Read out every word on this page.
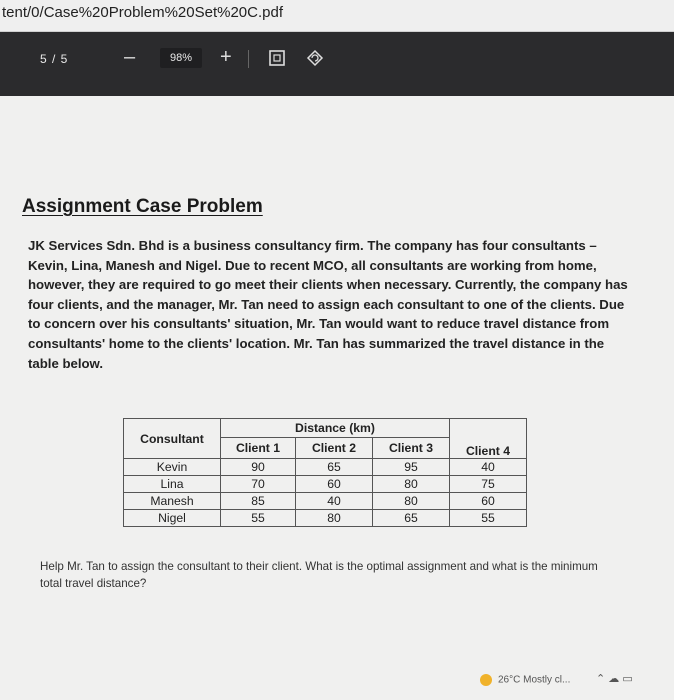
tent/0/Case%20Problem%20Set%20C.pdf
5 / 5	–	98%	+
Assignment Case Problem
JK Services Sdn. Bhd is a business consultancy firm. The company has four consultants – Kevin, Lina, Manesh and Nigel. Due to recent MCO, all consultants are working from home, however, they are required to go meet their clients when necessary. Currently, the company has four clients, and the manager, Mr. Tan need to assign each consultant to one of the clients. Due to concern over his consultants' situation, Mr. Tan would want to reduce travel distance from consultants' home to the clients' location. Mr. Tan has summarized the travel distance in the table below.
Consultant	Distance (km)			Client 4
	Client 1	Client 2	Client 3	
Kevin	90	65	95	40
Lina	70	60	80	75
Manesh	85	40	80	60
Nigel	55	80	65	55
Help Mr. Tan to assign the consultant to their client. What is the optimal assignment and what is the minimum total travel distance?
26°C Mostly cl... ⌃ ☁ ▭
